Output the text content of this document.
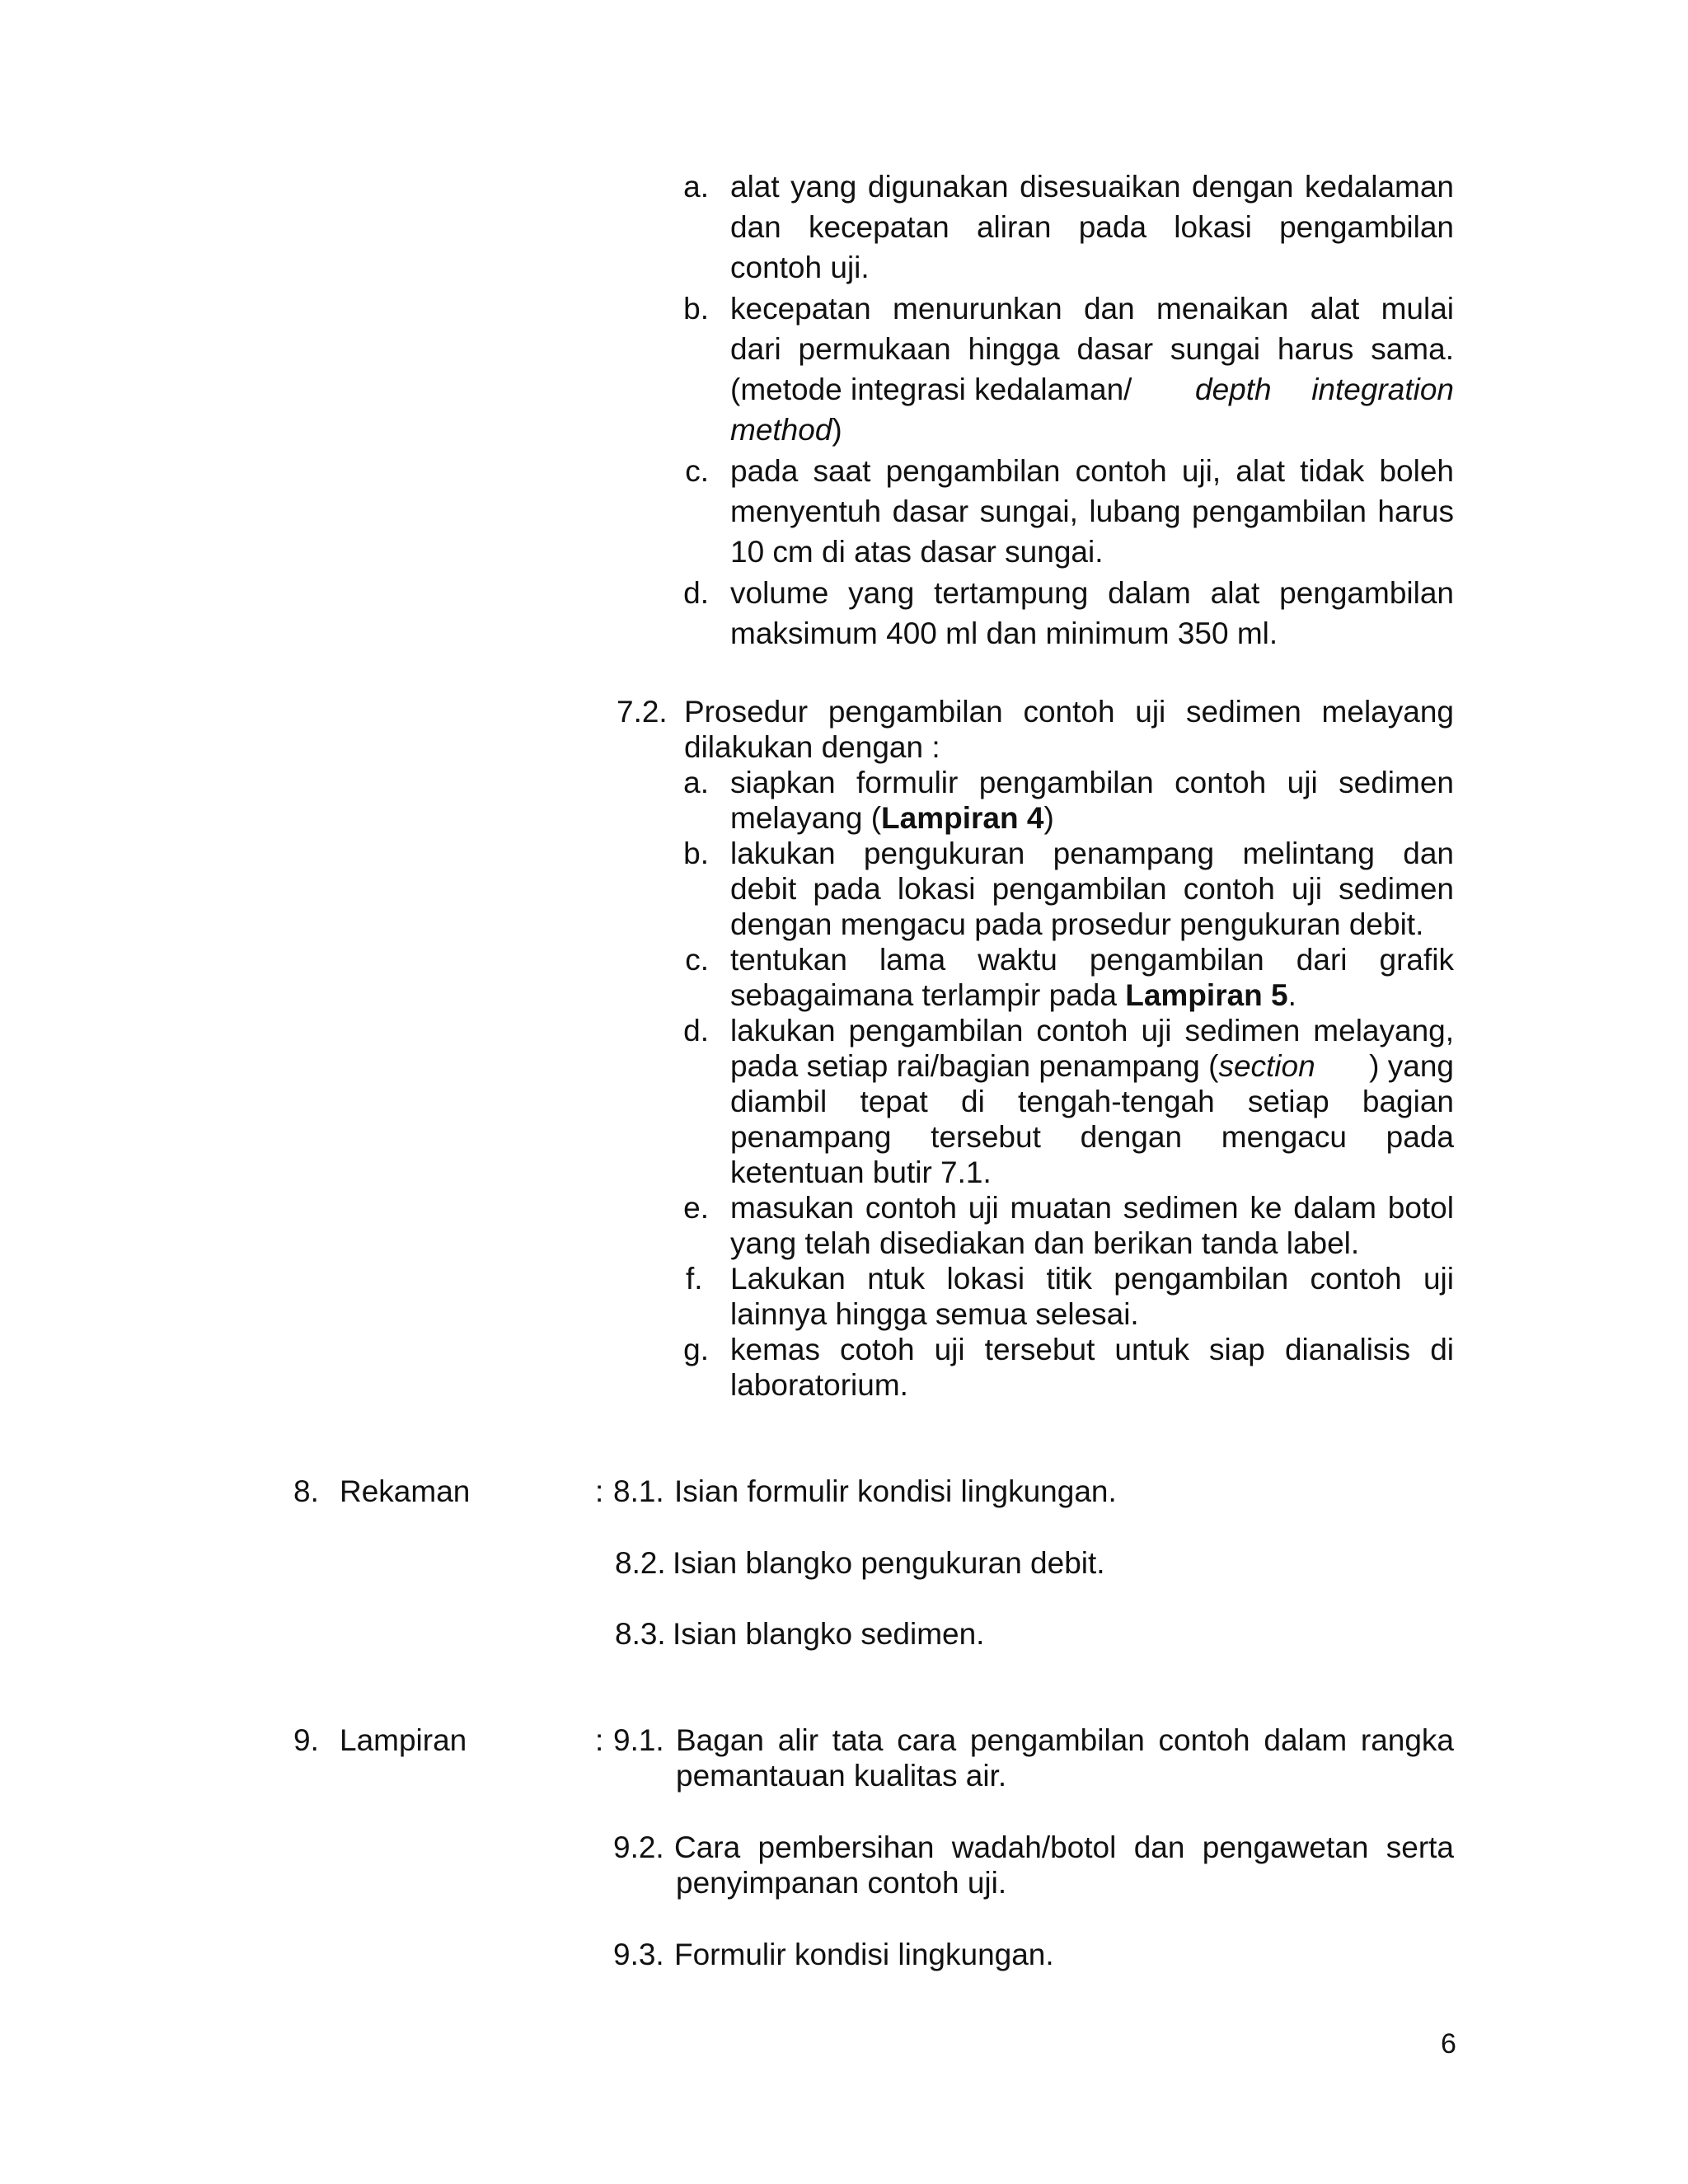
a. alat yang digunakan disesuaikan dengan kedalaman
dan kecepatan aliran pada lokasi pengambilan
contoh uji.
b. kecepatan menurunkan dan menaikan alat mulai
dari permukaan hingga dasar sungai harus sama.
(metode integrasi kedalaman/ depth integration
method)
c. pada saat pengambilan contoh uji, alat tidak boleh
menyentuh dasar sungai, lubang pengambilan harus
10 cm di atas dasar sungai.
d. volume yang tertampung dalam alat pengambilan
maksimum 400 ml dan minimum 350 ml.
7.2. Prosedur pengambilan contoh uji sedimen melayang
dilakukan dengan :
a. siapkan formulir pengambilan contoh uji sedimen
melayang (Lampiran 4)
b. lakukan pengukuran penampang melintang dan
debit pada lokasi pengambilan contoh uji sedimen
dengan mengacu pada prosedur pengukuran debit.
c. tentukan lama waktu pengambilan dari grafik
sebagaimana terlampir pada Lampiran 5.
d. lakukan pengambilan contoh uji sedimen melayang,
pada setiap rai/bagian penampang (section ) yang
diambil tepat di tengah-tengah setiap bagian
penampang tersebut dengan mengacu pada
ketentuan butir 7.1.
e. masukan contoh uji muatan sedimen ke dalam botol
yang telah disediakan dan berikan tanda label.
f. Lakukan ntuk lokasi titik pengambilan contoh uji
lainnya hingga semua selesai.
g. kemas cotoh uji tersebut untuk siap dianalisis di
laboratorium.
8. Rekaman	: 8.1. Isian formulir kondisi lingkungan.
8.2. Isian blangko pengukuran debit.
8.3. Isian blangko sedimen.
9. Lampiran	: 9.1. Bagan alir tata cara pengambilan contoh dalam rangka
pemantauan kualitas air.
9.2. Cara pembersihan wadah/botol dan pengawetan serta
penyimpanan contoh uji.
9.3. Formulir kondisi lingkungan.
6
